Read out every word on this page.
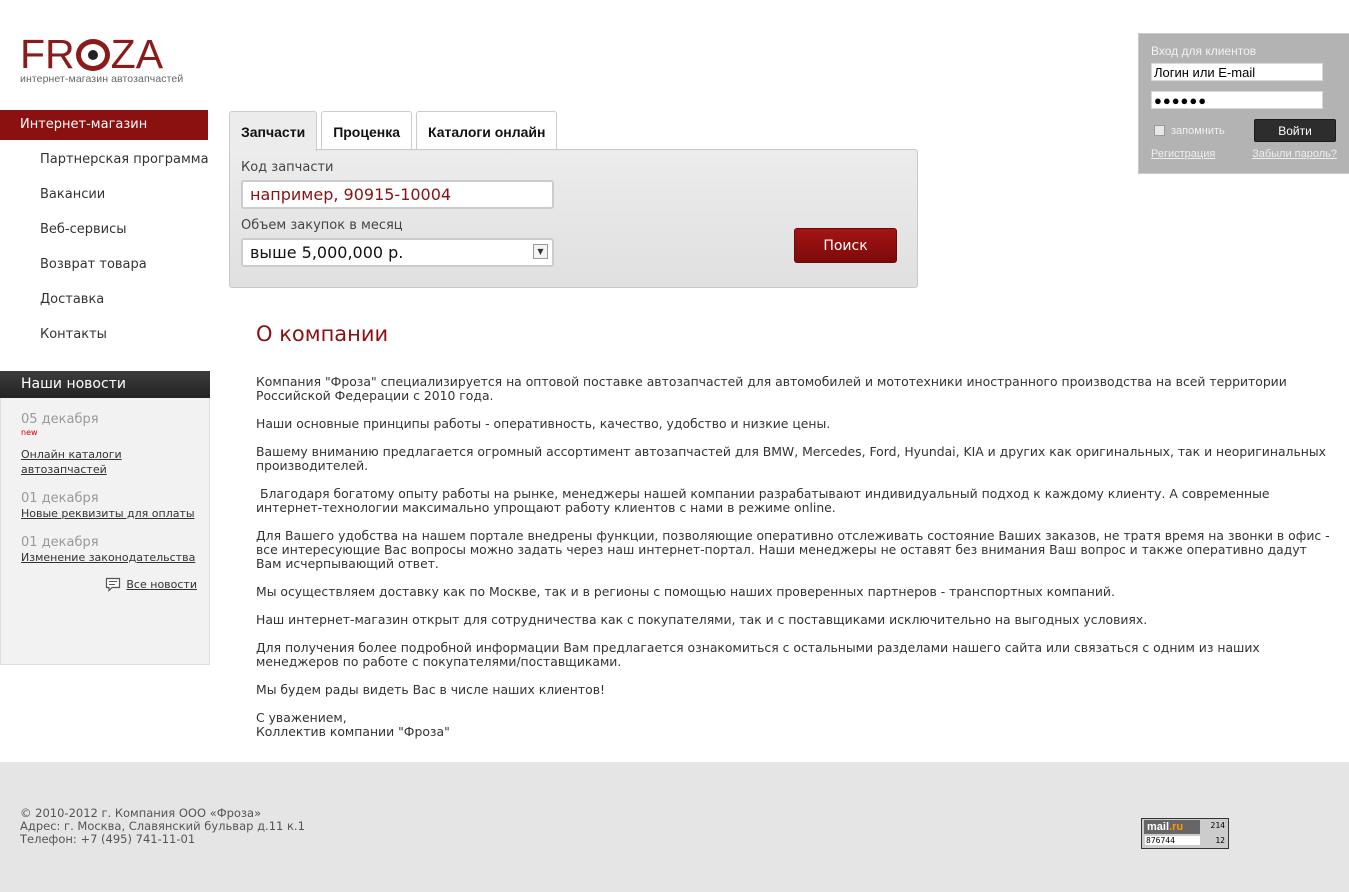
FR ZA
интернет-магазин автозапчастей
Вход для клиентов
Логин или E-mail
●●●●●●
запомнить	Войти
Регистрация	Забыли пароль?
Интернет-магазин
Партнерская программа
Вакансии
Веб-сервисы
Возврат товара
Доставка
Контакты
Наши новости
05 декабря
new
Онлайн каталоги автозапчастей
01 декабря
Новые реквизиты для оплаты
01 декабря
Изменение законодательства
Все новости
Запчасти	Проценка	Каталоги онлайн
Код запчасти
например, 90915-10004
Объем закупок в месяц
выше 5,000,000 р.	▼	Поиск
О компании

Компания "Фроза" специализируется на оптовой поставке автозапчастей для автомобилей и мототехники иностранного производства на всей территории Российской Федерации с 2010 года.

Наши основные принципы работы - оперативность, качество, удобство и низкие цены.

Вашему вниманию предлагается огромный ассортимент автозапчастей для BMW, Mercedes, Ford, Hyundai, KIA и других как оригинальных, так и неоригинальных производителей.

Благодаря богатому опыту работы на рынке, менеджеры нашей компании разрабатывают индивидуальный подход к каждому клиенту. А современные интернет-технологии максимально упрощают работу клиентов с нами в режиме online.

Для Вашего удобства на нашем портале внедрены функции, позволяющие оперативно отслеживать состояние Ваших заказов, не тратя время на звонки в офис - все интересующие Вас вопросы можно задать через наш интернет-портал. Наши менеджеры не оставят без внимания Ваш вопрос и также оперативно дадут Вам исчерпывающий ответ.

Мы осуществляем доставку как по Москве, так и в регионы с помощью наших проверенных партнеров - транспортных компаний.

Наш интернет-магазин открыт для сотрудничества как с покупателями, так и с поставщиками исключительно на выгодных условиях.

Для получения более подробной информации Вам предлагается ознакомиться с остальными разделами нашего сайта или связаться с одним из наших менеджеров по работе с покупателями/поставщиками.

Мы будем рады видеть Вас в числе наших клиентов!

С уважением,
Коллектив компании "Фроза"

© 2010-2012 г. Компания ООО «Фроза»
Адрес: г. Москва, Славянский бульвар д.11 к.1
Телефон: +7 (495) 741-11-01
mail.ru	214
876744	12
